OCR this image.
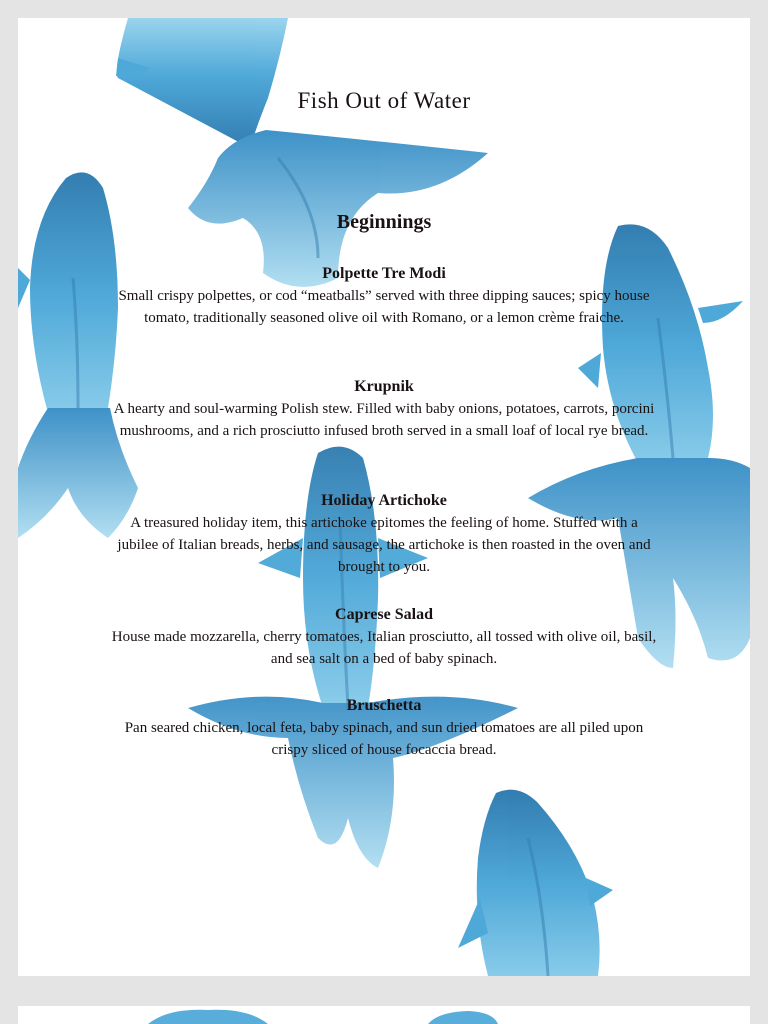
Fish Out of Water
Beginnings

Polpette Tre Modi

Small crispy polpettes, or cod “meatballs” served with three dipping sauces; spicy house tomato, traditionally seasoned olive oil with Romano, or a lemon crème fraiche.

Krupnik

A hearty and soul-warming Polish stew. Filled with baby onions, potatoes, carrots, porcini mushrooms, and a rich prosciutto infused broth served in a small loaf of local rye bread.

Holiday Artichoke

A treasured holiday item, this artichoke epitomes the feeling of home. Stuffed with a jubilee of Italian breads, herbs, and sausage, the artichoke is then roasted in the oven and brought to you.

Caprese Salad

House made mozzarella, cherry tomatoes, Italian prosciutto, all tossed with olive oil, basil, and sea salt on a bed of baby spinach.

Bruschetta

Pan seared chicken, local feta, baby spinach, and sun dried tomatoes are all piled upon crispy sliced of house focaccia bread.
